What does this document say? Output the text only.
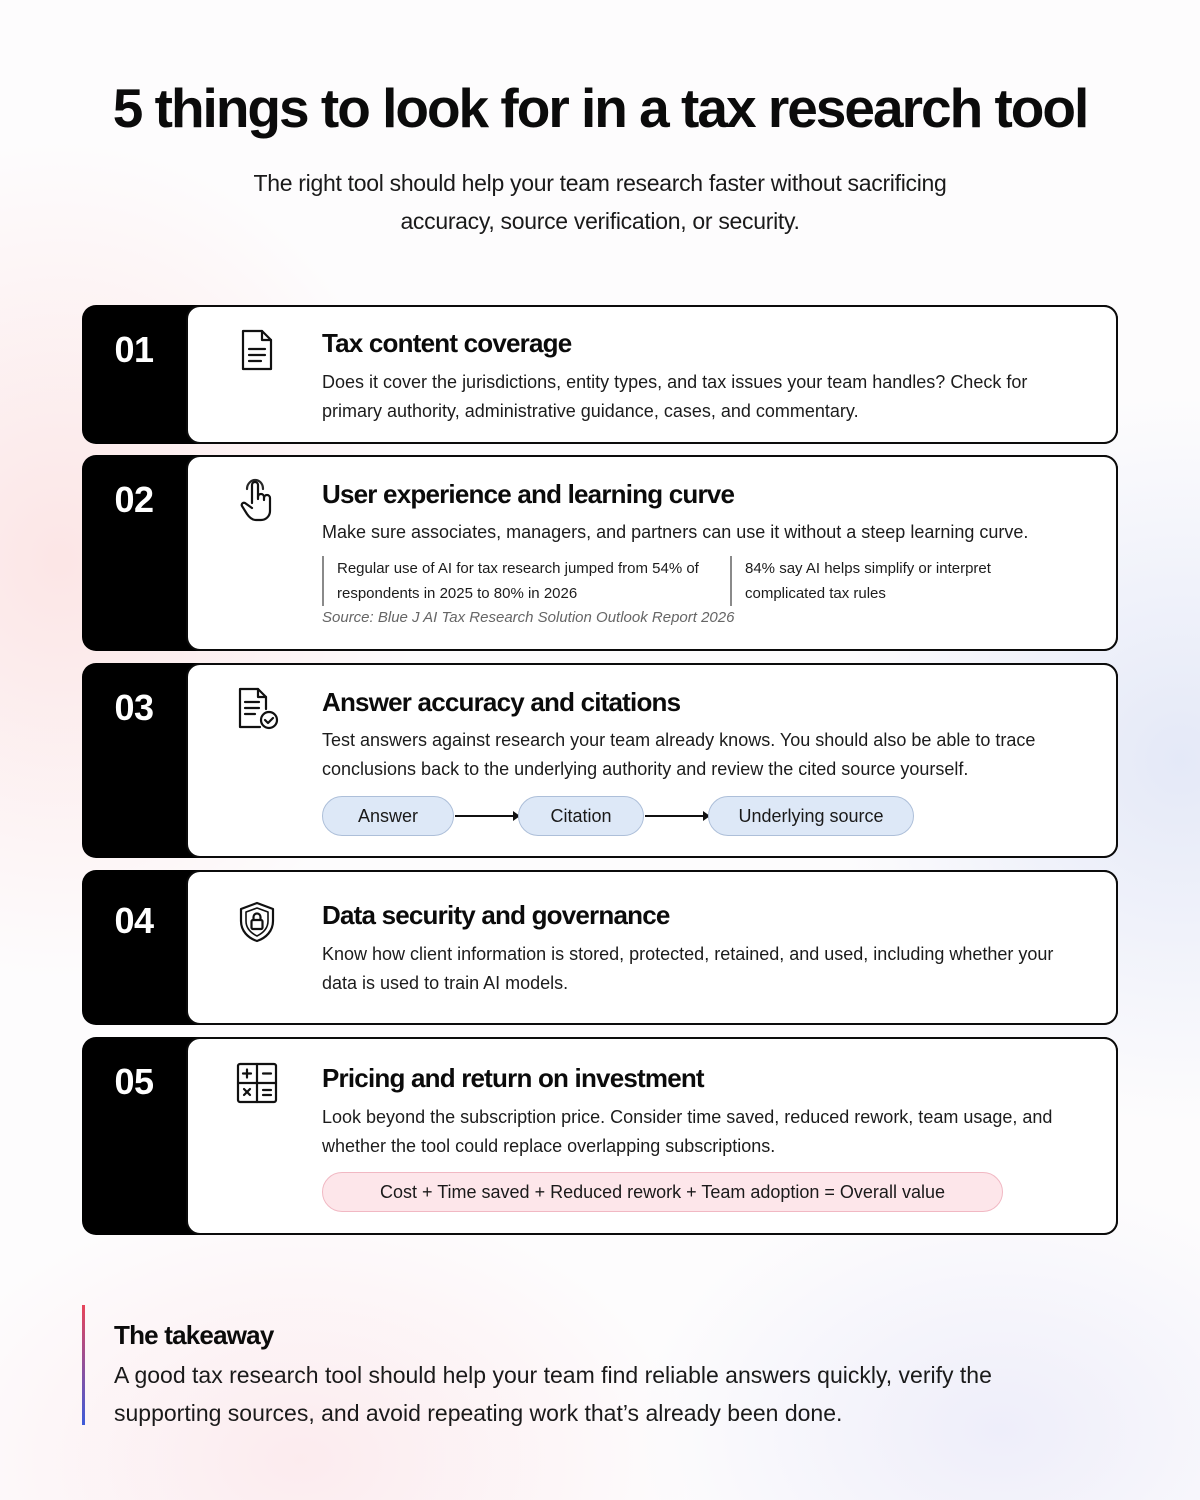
5 things to look for in a tax research tool
The right tool should help your team research faster without sacrificing accuracy, source verification, or security.
01	Tax content coverage
Does it cover the jurisdictions, entity types, and tax issues your team handles? Check for primary authority, administrative guidance, cases, and commentary.
02	User experience and learning curve
Make sure associates, managers, and partners can use it without a steep learning curve.
Regular use of AI for tax research jumped from 54% of respondents in 2025 to 80% in 2026
84% say AI helps simplify or interpret complicated tax rules
Source: Blue J AI Tax Research Solution Outlook Report 2026
03	Answer accuracy and citations
Test answers against research your team already knows. You should also be able to trace conclusions back to the underlying authority and review the cited source yourself.
Answer	Citation	Underlying source
04	Data security and governance
Know how client information is stored, protected, retained, and used, including whether your data is used to train AI models.
05	Pricing and return on investment
Look beyond the subscription price. Consider time saved, reduced rework, team usage, and whether the tool could replace overlapping subscriptions.
Cost + Time saved + Reduced rework + Team adoption = Overall value
The takeaway
A good tax research tool should help your team find reliable answers quickly, verify the supporting sources, and avoid repeating work that’s already been done.
